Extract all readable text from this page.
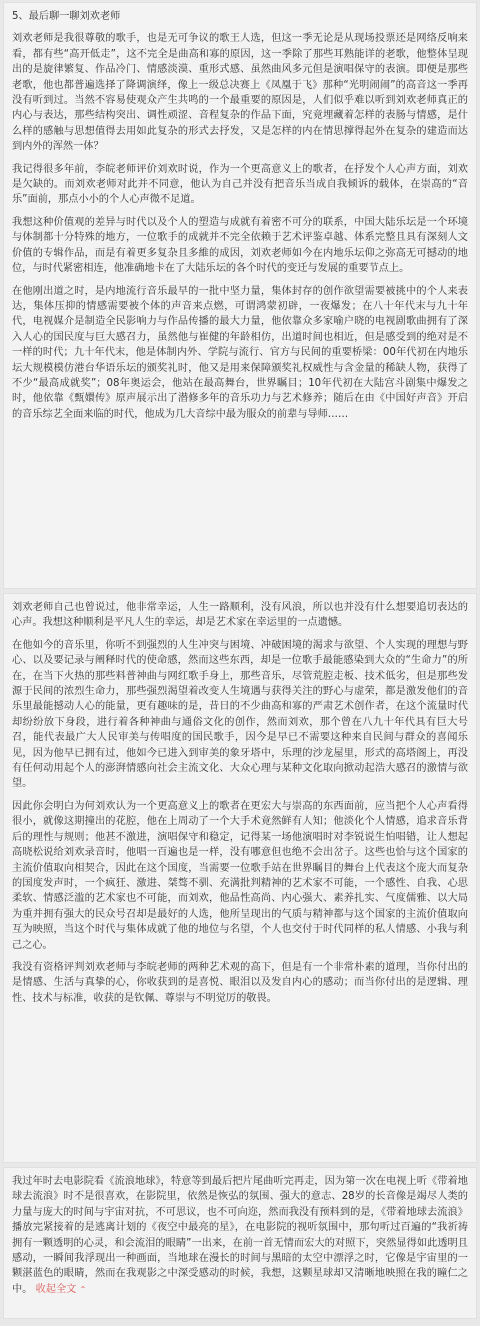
5、最后聊一聊刘欢老师

刘欢老师是我很尊敬的歌手，也是无可争议的歌王人选，但这一季无论是从现场投票还是网络反响来看，都有些“高开低走”，这不完全是曲高和寡的原因，这一季除了那些耳熟能详的老歌，他整体呈现出的是旋律繁复、作品冷门、情感淡漠、重形式感、虽然曲风多元但是演唱保守的表演。即便是那些老歌，他也都普遍选择了降调演绎，像上一级总决赛上《凤凰于飞》那种“光明闹闹”的高音这一季再没有听到过。当然不容易使观众产生共鸣的一个最重要的原因是，人们似乎难以听到刘欢老师真正的内心与表达，那些结构突出、调性顽涩、音程复杂的作品下面，究竟埋藏着怎样的表肠与情感，是什么样的感触与思想值得去用如此复杂的形式去抒发，又是怎样的内在情思撑得起外在复杂的建造而达到内外的浑然一体？

我记得很多年前，李皖老师评价刘欢时说，作为一个更高意义上的歌者，在抒发个人心声方面，刘欢是欠缺的。而刘欢老师对此并不同意，他认为自己并没有把音乐当成自我倾诉的载体，在崇高的“音乐”面前，那点小小的个人心声微不足道。

我想这种价值观的差异与时代以及个人的塑造与成就有着密不可分的联系，中国大陆乐坛是一个环境与体制都十分特殊的地方，一位歌手的成就并不完全依赖于艺术评鉴卓越、体系完整且具有深刻人文价值的专辑作品，而是有着更多复杂且多維的成因，刘欢老师如今在内地乐坛仰之弥高无可撼动的地位，与时代紧密相连，他准确地卡在了大陆乐坛的各个时代的变迁与发展的重要节点上。

在他刚出道之时，是内地流行音乐最早的一批中坚力量，集体封存的创作欲望需要被挑中的个人来表达，集体压抑的情感需要被个体的声音来点燃，可谓鸿蒙初辟，一夜爆发；在八十年代末与九十年代，电视媒介是制造全民影响力与作品传播的最大力量，他依靠众多家喻户晓的电视剧歌曲拥有了深入人心的国民度与巨大感召力，虽然他与崔健的年龄相仿，出道时间也相近，但是感受到的绝对是不一样的时代；九十年代末，他是体制内外、学院与流行、官方与民间的重要桥梁：00年代初在内地乐坛大规模模仿港台华语乐坛的颁奖礼时，他又是用来保障颁奖礼权威性与含金量的稀缺人物，获得了不少“最高成就奖”；08年奥运会，他站在最高舞台，世界瞩目；10年代初在大陆宫斗剧集中爆发之时，他依靠《甄嬛传》原声展示出了潜修多年的音乐功力与艺术修养；随后在由《中国好声音》开启的音乐综艺全面来临的时代，他成为几大音综中最为服众的前辈与导师……

刘欢老师自己也曾说过，他非常幸运，人生一路顺利，没有风浪，所以也并没有什么想要追切表达的心声。我想这种顺利是平凡人生的幸运，却是艺术家在幸运里的一点遗憾。

在他如今的音乐里，你听不到强烈的人生冲突与困境、冲破困境的渴求与欲望、个人实现的理想与野心、以及要记录与阐释时代的使命感，然而这些东西，却是一位歌手最能感染到大众的“生命力”的所在，在当下火热的那些料普神曲与网红歌手身上，那些音乐，尽管荒腔走板、技术低劣，但是那些发源于民间的浓烈生命力，那些强烈渴望着改变人生境遇与获得关注的野心与虚荣，都是激发他们的音乐里最能撼动人心的能量，更有趣味的是，昔日的不少曲高和寡的严肃艺术创作者，在这个流量时代却纷纷放下身段，进行着各种神曲与通俗文化的创作，然而刘欢，那个曾在八九十年代具有巨大号召，能代表最广大人民审美与传唱度的国民歌手，因今是早已不需要这种来自民间与群众的喜闻乐见，因为他早已拥有过，他如今已进入到审美的象牙塔中，乐理的沙龙屋里，形式的高塔阁上，再没有任何动用起个人的澎湃情感向社会主流文化、大众心理与某种文化取向掀动起浩大感召的激情与欲望。

因此你会明白为何刘欢认为一个更高意义上的歌者在更宏大与崇高的东西面前，应当把个人心声看得很小，就像这期撞出的花腔，他在上周动了一个大手术竟然鲜有人知；他淡化个人情感，追求音乐背后的理性与规则；他甚不激进，演唱保守和稳定，记得某一场他演唱时对李锐说生怕唱错，让人想起高晓松说给刘欢录音时，他唱一百遍也是一样，没有哪意但也绝不会出岔子。这些也恰与这个国家的主流价值取向相契合，因此在这个国度，当需要一位歌手站在世界瞩目的舞台上代表这个庞大而复杂的国度发声时，一个疯狂、激进、桀骜不驯、充满批判精神的艺术家不可能，一个感性、自我、心思柔软、情感泛滥的艺术家也不可能，而刘欢，他品性高尚、内心强大、素养扎实、气度儒雅、以大局为重并拥有强大的民众号召却是最好的人选，他所呈现出的气质与精神都与这个国家的主流价值取向互为映照，当这个时代与集体成就了他的地位与名望，个人也交付于时代同样的私人情感、小我与利己之心。

我没有资格评判刘欢老师与李皖老师的两种艺术观的高下，但是有一个非常朴素的道理，当你付出的是情感、生活与真挚的心，你收获到的是喜悦、眼泪以及发自内心的感动；而当你付出的是逻辑、理性、技术与标准，收获的是钦佩、尊崇与不明觉厉的敬畏。

我过年时去电影院看《流浪地球》，特意等到最后把片尾曲听完再走，因为第一次在电视上听《带着地球去流浪》时不是很喜欢，在影院里，依然是恢弘的氛围、强大的意志、28岁的长音像是竭尽人类的力量与庞大的时间与宇宙对抗，不可思议，也不可向迩，然而我没有预料到的是，《带着地球去流浪》播放完紧接着的是逃离计划的《夜空中最亮的星》，在电影院的视听氛围中，那句听过百遍的“我祈祷拥有一颗透明的心灵，和会流泪的眼睛”一出来，在前一首无情而宏大的对照下，突然显得如此透明且感动，一瞬间我浮现出一种画面，当地球在漫长的时间与黑暗的太空中漂浮之时，它像是宇宙里的一颗湛蓝色的眼睛，然而在我观影之中深受感动的时候，我想，这颗星球却又清晰地映照在我的瞳仁之中。 收起全文 ⌃
